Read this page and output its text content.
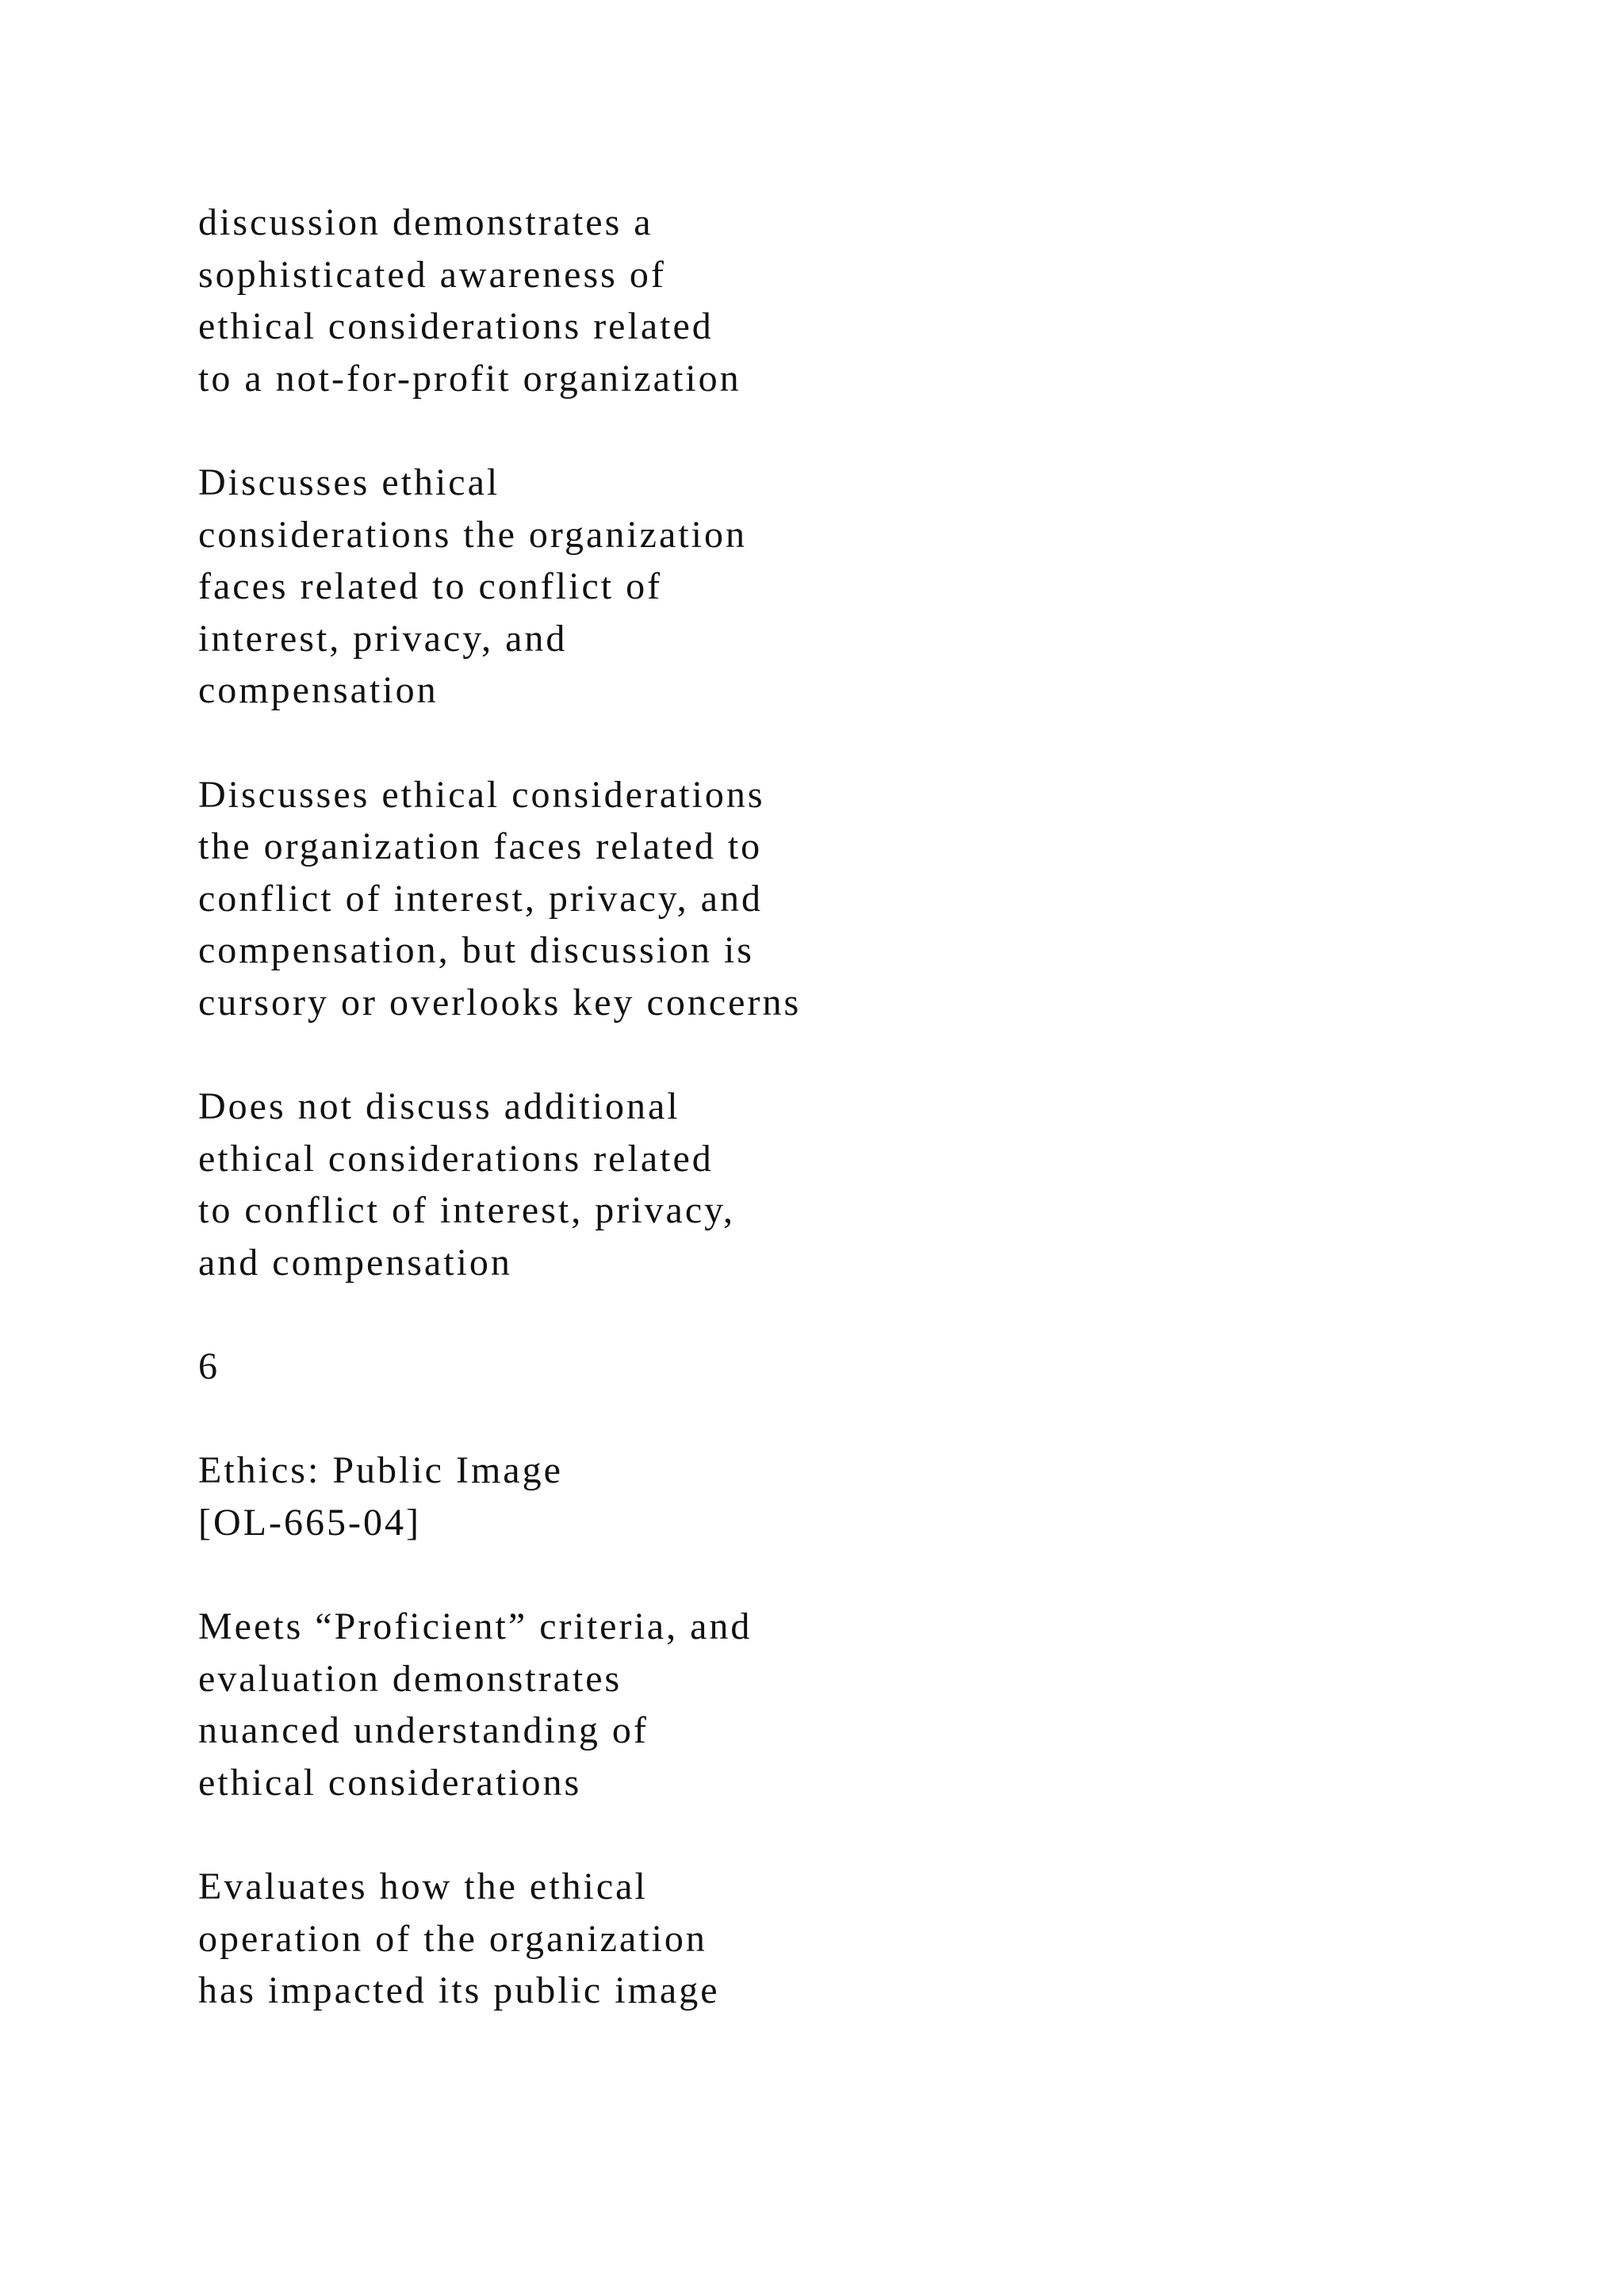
discussion demonstrates a
sophisticated awareness of
ethical considerations related
to a not-for-profit organization

Discusses ethical
considerations the organization
faces related to conflict of
interest, privacy, and
compensation

Discusses ethical considerations
the organization faces related to
conflict of interest, privacy, and
compensation, but discussion is
cursory or overlooks key concerns

Does not discuss additional
ethical considerations related
to conflict of interest, privacy,
and compensation

6

Ethics: Public Image
[OL-665-04]

Meets “Proficient” criteria, and
evaluation demonstrates
nuanced understanding of
ethical considerations

Evaluates how the ethical
operation of the organization
has impacted its public image
